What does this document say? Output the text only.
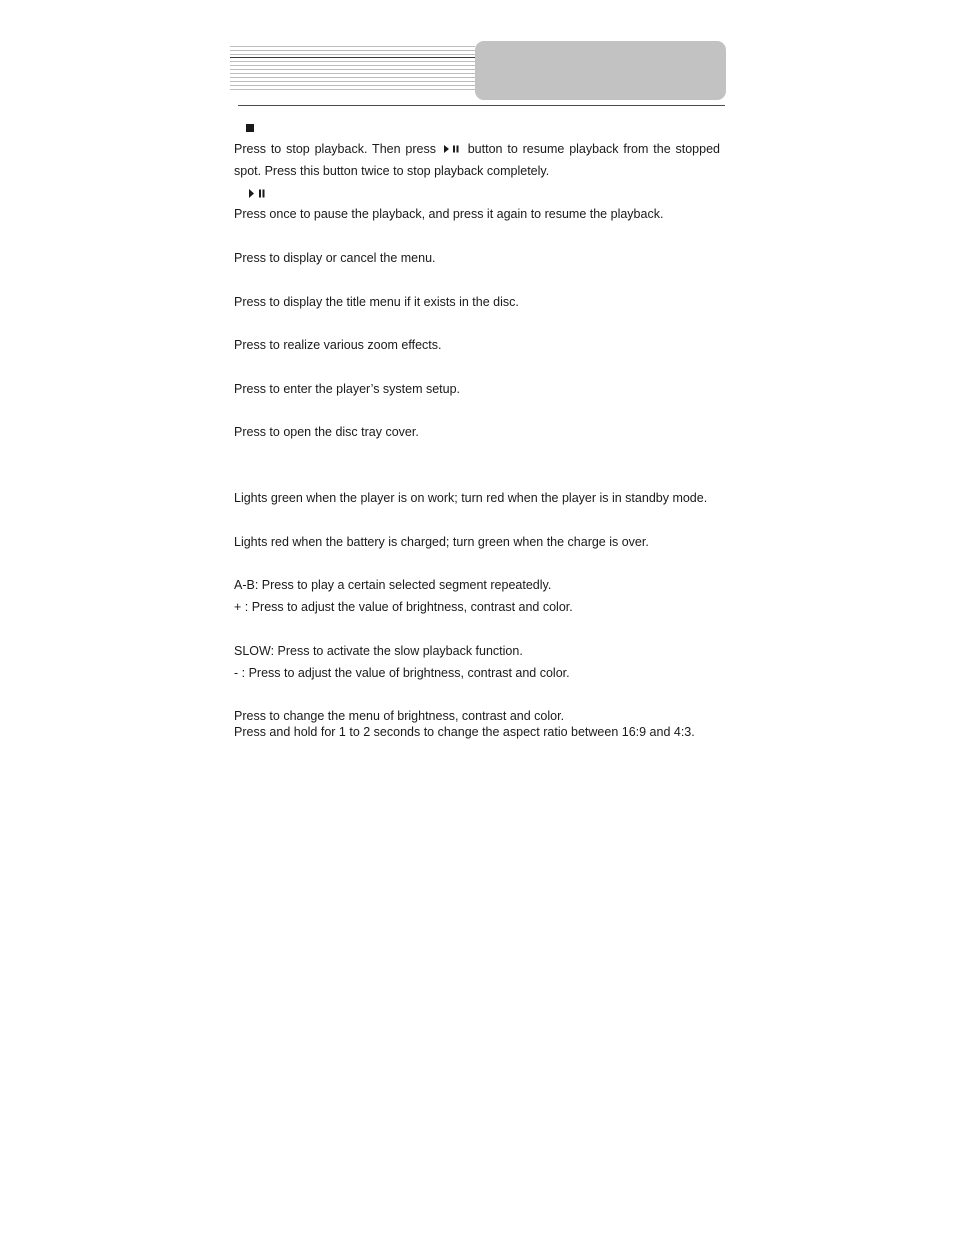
Press to stop playback. Then press	button to resume playback from the stopped
spot. Press this button twice to stop playback completely.
Press once to pause the playback, and press it again to resume the playback.
Press to display or cancel the menu.
Press to display the title menu if it exists in the disc.
Press to realize various zoom effects.
Press to enter the player’s system setup.
Press to open the disc tray cover.
Lights green when the player is on work; turn red when the player is in standby mode.
Lights red when the battery is charged; turn green when the charge is over.
A-B: Press to play a certain selected segment repeatedly.
+ : Press to adjust the value of brightness, contrast and color.
SLOW: Press to activate the slow playback function.
- : Press to adjust the value of brightness, contrast and color.
Press to change the menu of brightness, contrast and color.
Press and hold for 1 to 2 seconds to change the aspect ratio between 16:9 and 4:3.
